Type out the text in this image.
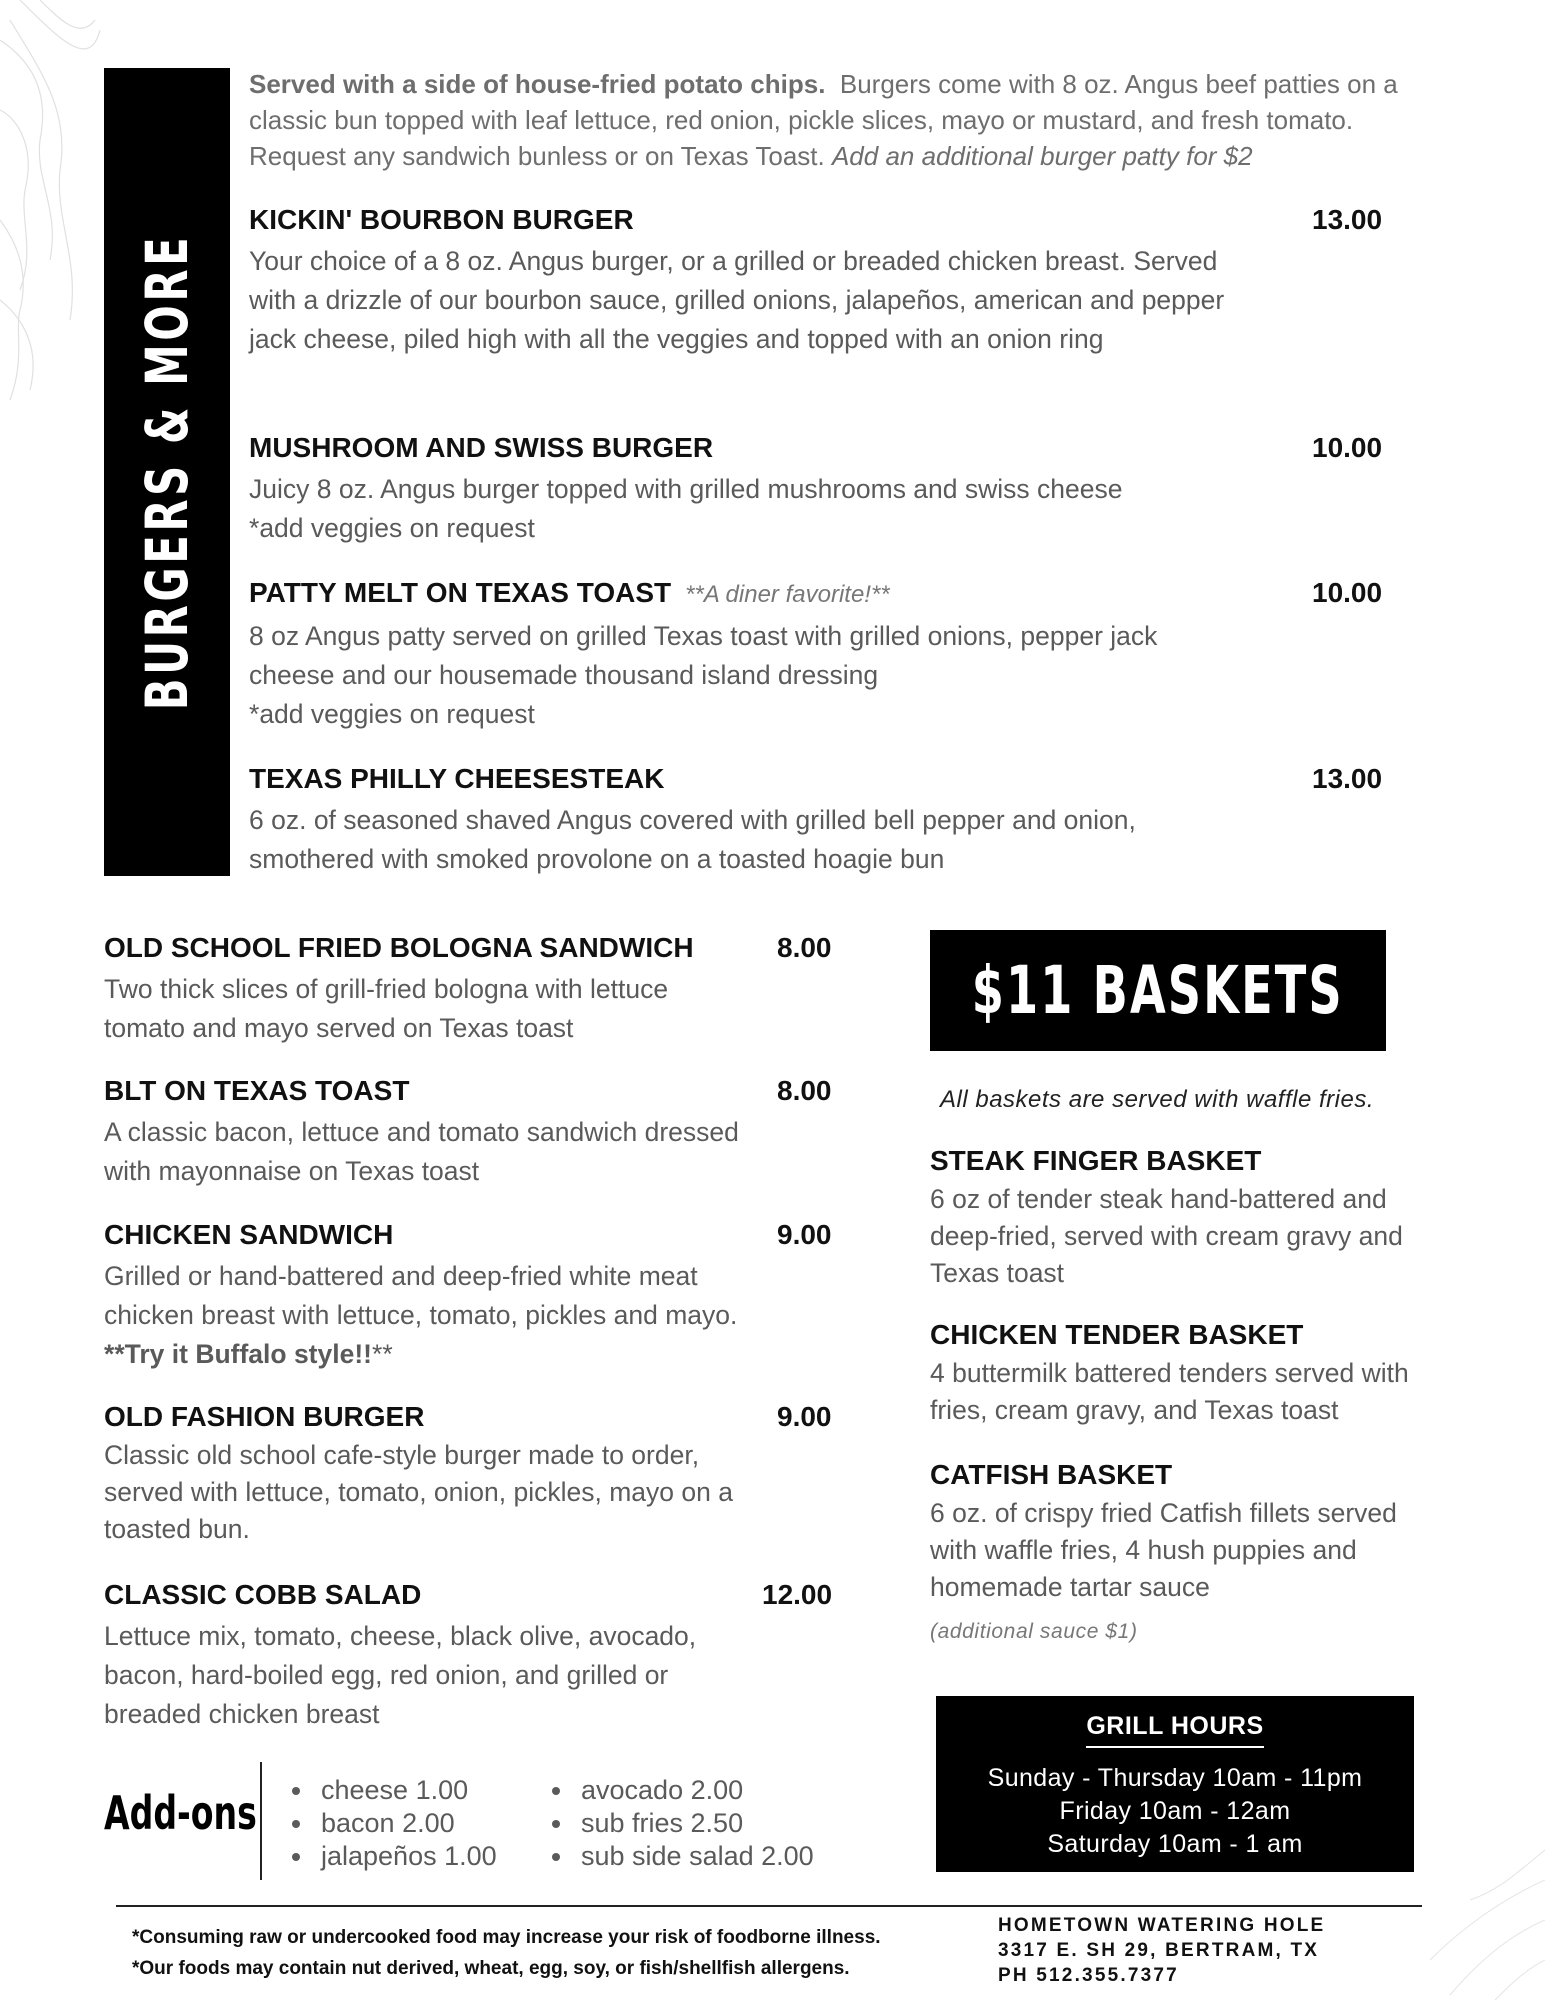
BURGERS & MORE
Served with a side of house-fried potato chips. Burgers come with 8 oz. Angus beef patties on a classic bun topped with leaf lettuce, red onion, pickle slices, mayo or mustard, and fresh tomato. Request any sandwich bunless or on Texas Toast. Add an additional burger patty for $2
KICKIN' BOURBON BURGER	13.00
Your choice of a 8 oz. Angus burger, or a grilled or breaded chicken breast. Served with a drizzle of our bourbon sauce, grilled onions, jalapeños, american and pepper jack cheese, piled high with all the veggies and topped with an onion ring
MUSHROOM AND SWISS BURGER	10.00
Juicy 8 oz. Angus burger topped with grilled mushrooms and swiss cheese
*add veggies on request
PATTY MELT ON TEXAS TOAST **A diner favorite!**	10.00
8 oz Angus patty served on grilled Texas toast with grilled onions, pepper jack cheese and our housemade thousand island dressing
*add veggies on request
TEXAS PHILLY CHEESESTEAK	13.00
6 oz. of seasoned shaved Angus covered with grilled bell pepper and onion, smothered with smoked provolone on a toasted hoagie bun
OLD SCHOOL FRIED BOLOGNA SANDWICH	8.00
Two thick slices of grill-fried bologna with lettuce tomato and mayo served on Texas toast
BLT ON TEXAS TOAST	8.00
A classic bacon, lettuce and tomato sandwich dressed with mayonnaise on Texas toast
CHICKEN SANDWICH	9.00
Grilled or hand-battered and deep-fried white meat chicken breast with lettuce, tomato, pickles and mayo.  **Try it Buffalo style!!**
OLD FASHION BURGER	9.00
Classic old school cafe-style burger made to order, served with lettuce, tomato, onion, pickles, mayo on a toasted bun.
CLASSIC COBB SALAD	12.00
Lettuce mix, tomato, cheese, black olive, avocado, bacon, hard-boiled egg, red onion, and grilled or breaded chicken breast
$11 BASKETS
All baskets are served with waffle fries.
STEAK FINGER BASKET
6 oz of tender steak hand-battered and deep-fried, served with cream gravy and Texas toast
CHICKEN TENDER BASKET
4 buttermilk battered tenders served with fries, cream gravy, and Texas toast
CATFISH BASKET
6 oz. of crispy fried Catfish fillets served with waffle fries, 4 hush puppies and homemade tartar sauce
(additional sauce $1)
GRILL HOURS
Sunday - Thursday 10am - 11pm
Friday 10am - 12am
Saturday 10am - 1 am
Add-ons	cheese 1.00
bacon 2.00
jalapeños 1.00
avocado 2.00
sub fries 2.50
sub side salad 2.00
*Consuming raw or undercooked food may increase your risk of foodborne illness.
*Our foods may contain nut derived, wheat, egg, soy, or fish/shellfish allergens.
HOMETOWN WATERING HOLE
3317 E. SH 29, BERTRAM, TX
PH 512.355.7377
